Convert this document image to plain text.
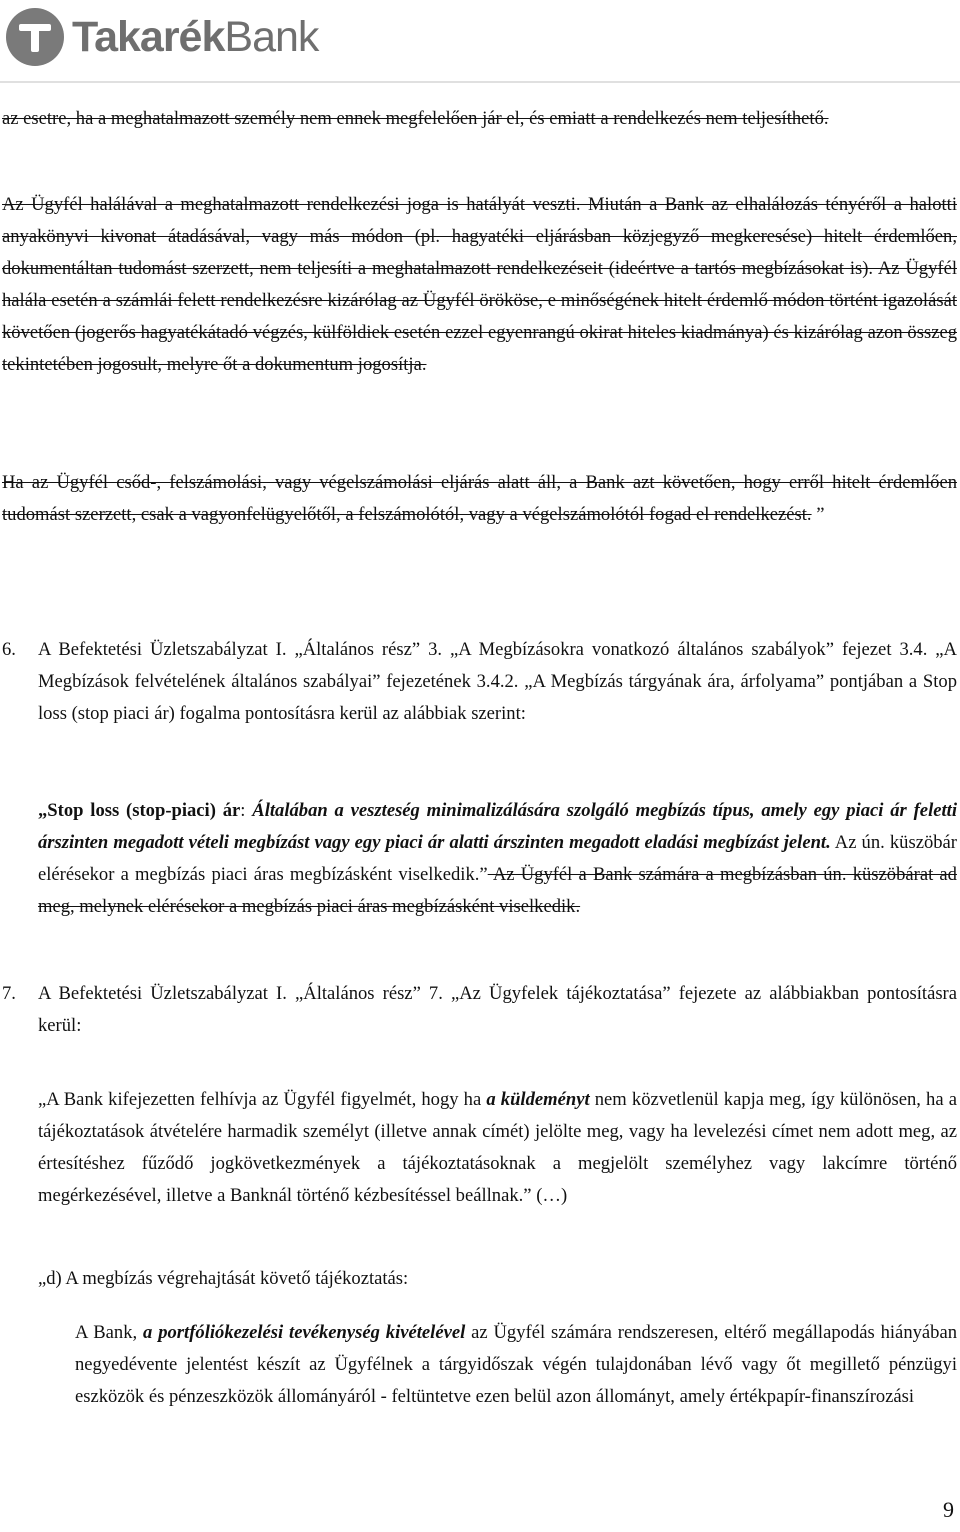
TakarékBank

az esetre, ha a meghatalmazott személy nem ennek megfelelően jár el, és emiatt a rendelkezés nem teljesíthető.

Az Ügyfél halálával a meghatalmazott rendelkezési joga is hatályát veszti. Miután a Bank az elhalálozás tényéről a halotti anyakönyvi kivonat átadásával, vagy más módon (pl. hagyatéki eljárásban közjegyző megkeresése) hitelt érdemlően, dokumentáltan tudomást szerzett, nem teljesíti a meghatalmazott rendelkezéseit (ideértve a tartós megbízásokat is). Az Ügyfél halála esetén a számlái felett rendelkezésre kizárólag az Ügyfél örököse, e minőségének hitelt érdemlő módon történt igazolását követően (jogerős hagyatékátadó végzés, külföldiek esetén ezzel egyenrangú okirat hiteles kiadmánya) és kizárólag azon összeg tekintetében jogosult, melyre őt a dokumentum jogosítja.

Ha az Ügyfél csőd-, felszámolási, vagy végelszámolási eljárás alatt áll, a Bank azt követően, hogy erről hitelt érdemlően tudomást szerzett, csak a vagyonfelügyelőtől, a felszámolótól, vagy a végelszámolótól fogad el rendelkezést. ”

6. A Befektetési Üzletszabályzat I. „Általános rész” 3. „A Megbízásokra vonatkozó általános szabályok” fejezet 3.4. „A Megbízások felvételének általános szabályai” fejezetének 3.4.2. „A Megbízás tárgyának ára, árfolyama” pontjában a Stop loss (stop piaci ár) fogalma pontosításra kerül az alábbiak szerint:

„Stop loss (stop-piaci) ár: Általában a veszteség minimalizálására szolgáló megbízás típus, amely egy piaci ár feletti árszinten megadott vételi megbízást vagy egy piaci ár alatti árszinten megadott eladási megbízást jelent. Az ún. küszöbár elérésekor a megbízás piaci áras megbízásként viselkedik.” Az Ügyfél a Bank számára a megbízásban ún. küszöbárat ad meg, melynek elérésekor a megbízás piaci áras megbízásként viselkedik.

7. A Befektetési Üzletszabályzat I. „Általános rész” 7. „Az Ügyfelek tájékoztatása” fejezete az alábbiakban pontosításra kerül:

„A Bank kifejezetten felhívja az Ügyfél figyelmét, hogy ha a küldeményt nem közvetlenül kapja meg, így különösen, ha a tájékoztatások átvételére harmadik személyt (illetve annak címét) jelölte meg, vagy ha levelezési címet nem adott meg, az értesítéshez fűződő jogkövetkezmények a tájékoztatásoknak a megjelölt személyhez vagy lakcímre történő megérkezésével, illetve a Banknál történő kézbesítéssel beállnak.” (…)

„d) A megbízás végrehajtását követő tájékoztatás:

A Bank, a portfóliókezelési tevékenység kivételével az Ügyfél számára rendszeresen, eltérő megállapodás hiányában negyedévente jelentést készít az Ügyfélnek a tárgyidőszak végén tulajdonában lévő vagy őt megillető pénzügyi eszközök és pénzeszközök állományáról - feltüntetve ezen belül azon állományt, amely értékpapír-finanszírozási

9
